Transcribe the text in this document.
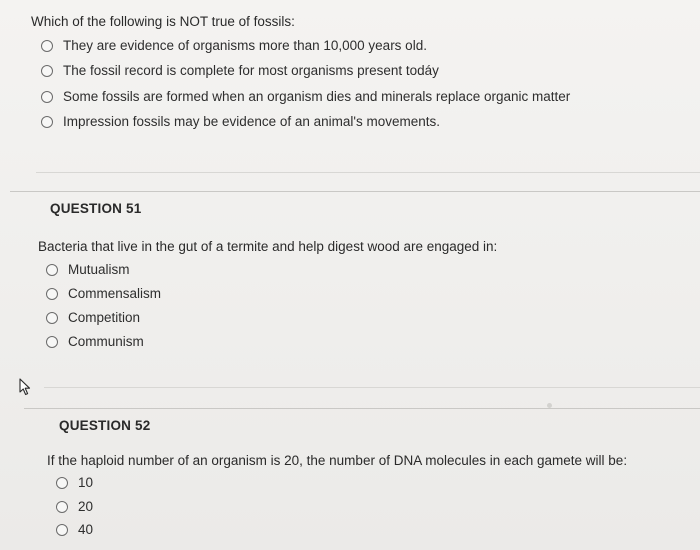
Which of the following is NOT true of fossils:
They are evidence of organisms more than 10,000 years old.
The fossil record is complete for most organisms present todáy
Some fossils are formed when an organism dies and minerals replace organic matter
Impression fossils may be evidence of an animal's movements.
QUESTION 51
Bacteria that live in the gut of a termite and help digest wood are engaged in:
Mutualism
Commensalism
Competition
Communism
QUESTION 52
If the haploid number of an organism is 20, the number of DNA molecules in each gamete will be:
10
20
40
